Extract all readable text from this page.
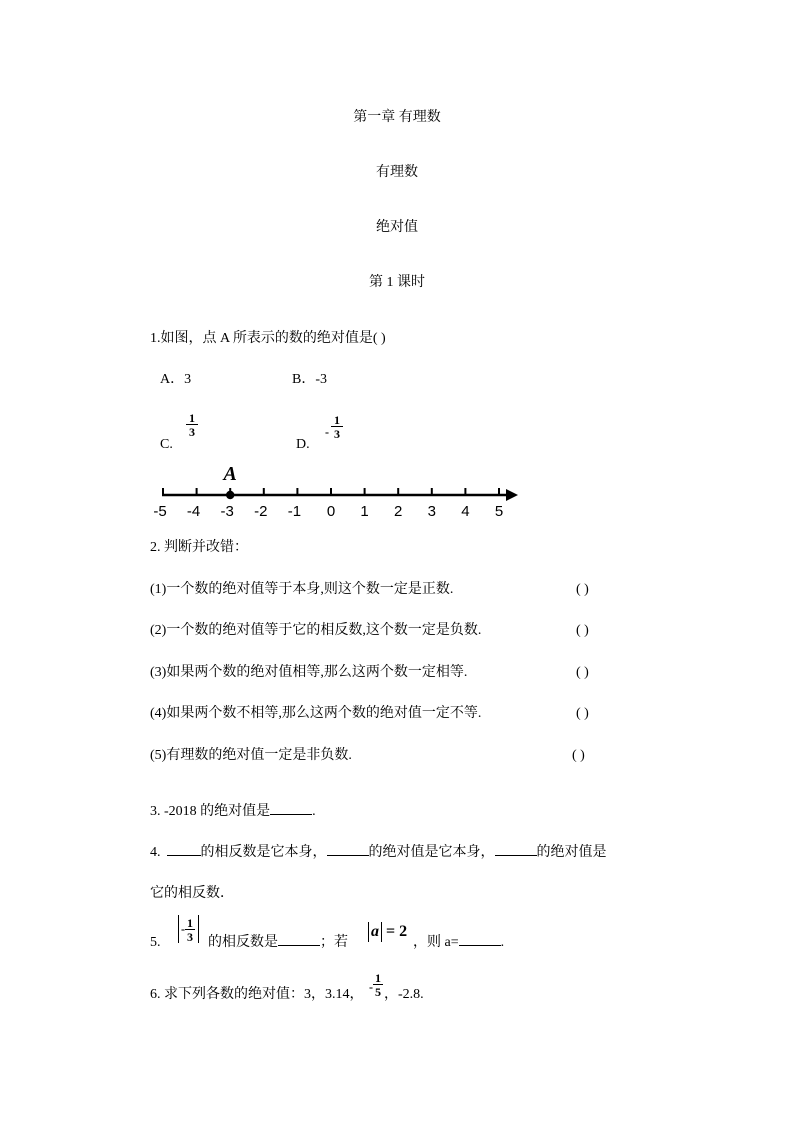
第一章 有理数
有理数
绝对值
第 1 课时
1.如图，点 A 所表示的数的绝对值是( )
A．3	B．-3
C.
$\frac{1}{3}$
D.
- $\frac{1}{3}$
-5 -4 -3 -2 -1 0 1 2 3 4 5
A
2. 判断并改错：
(1)一个数的绝对值等于本身,则这个数一定是正数.	( )
(2)一个数的绝对值等于它的相反数,这个数一定是负数.	( )
(3)如果两个数的绝对值相等,那么这两个数一定相等.	( )
(4)如果两个数不相等,那么这两个数的绝对值一定不等.	( )
(5)有理数的绝对值一定是非负数.	( )
3. -2018 的绝对值是	.
4.	的相反数是它本身，	的绝对值是它本身，	的绝对值是
它的相反数．
5.
- $\frac{1}{3}$ 的相反数是	；若
a = 2
，则 a=	.
6. 求下列各数的绝对值：3，3.14， - $\frac{1}{5}$ ，-2.8.
